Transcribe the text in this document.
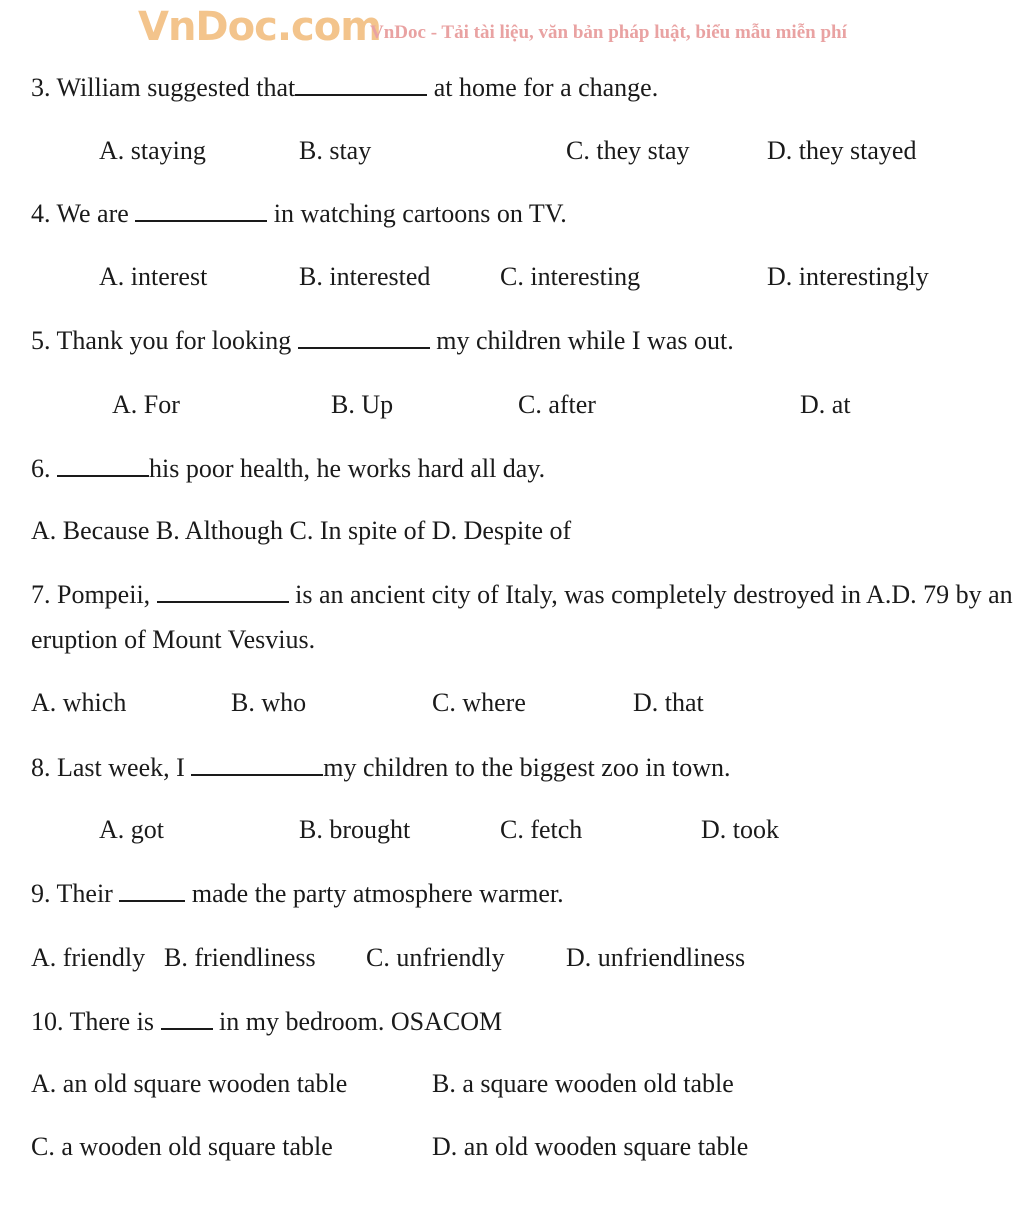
VnDoc.com
VnDoc - Tải tài liệu, văn bản pháp luật, biểu mẫu miễn phí
3. William suggested that	at home for a change.
A. staying	B. stay	C. they stay	D. they stayed
4. We are	in watching cartoons on TV.
A. interest	B. interested	C. interesting	D. interestingly
5. Thank you for looking	my children while I was out.
A. For	B. Up	C. after	D. at
6.	his poor health, he works hard all day.
A. Because B. Although C. In spite of D. Despite of
7. Pompeii,	is an ancient city of Italy, was completely destroyed in A.D. 79 by an
eruption of Mount Vesvius.
A. which	B. who	C. where	D. that
8. Last week, I	my children to the biggest zoo in town.
A. got	B. brought	C. fetch	D. took
9. Their	made the party atmosphere warmer.
A. friendly B. friendliness C. unfriendly D. unfriendliness
10. There is  in my bedroom. OSACOM
A. an old square wooden table	B. a square wooden old table
C. a wooden old square table	D. an old wooden square table
